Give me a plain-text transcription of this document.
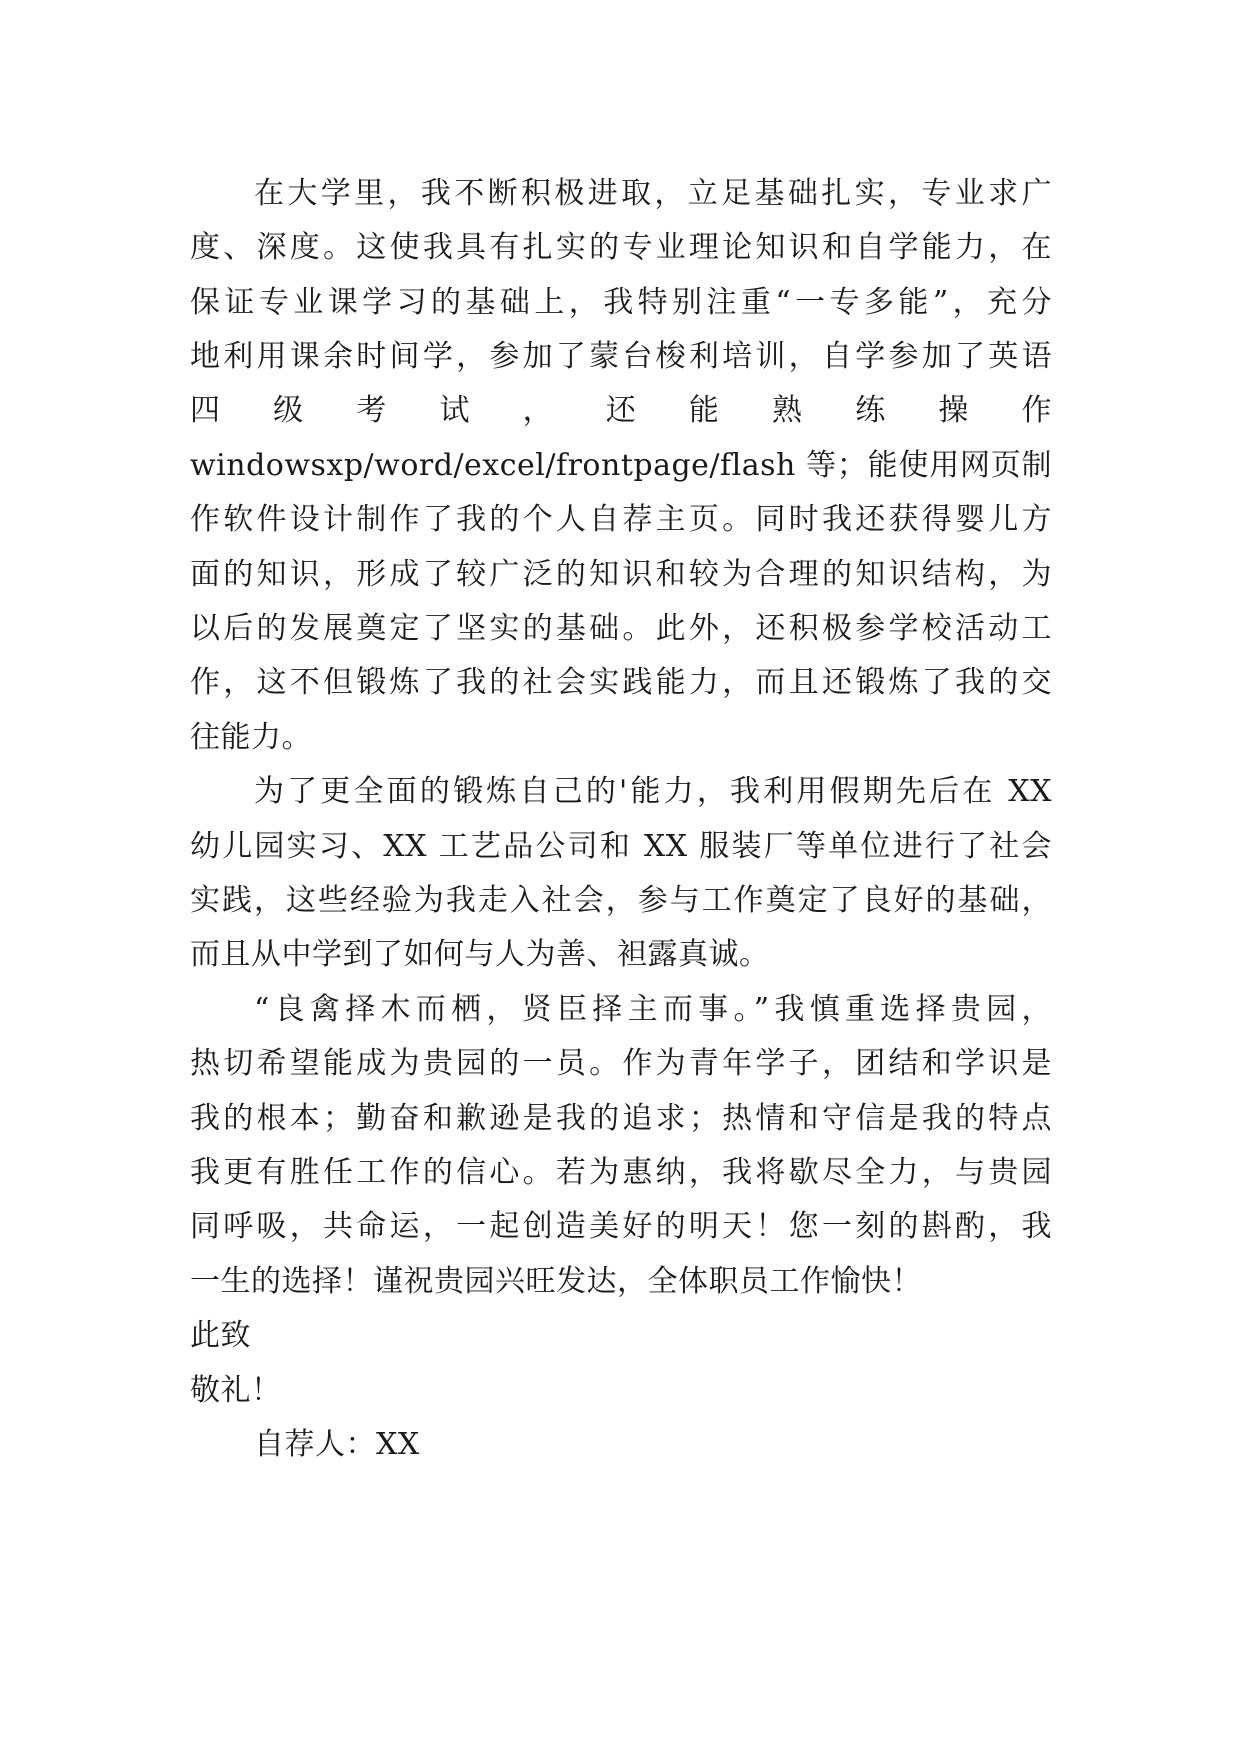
在大学里，我不断积极进取，立足基础扎实，专业求广
度、深度。这使我具有扎实的专业理论知识和自学能力，在
保证专业课学习的基础上，我特别注重“一专多能”，充分
地利用课余时间学，参加了蒙台梭利培训，自学参加了英语
四 级 考 试 ， 还 能 熟 练 操 作
windowsxp/word/excel/frontpage/flash 等；能使用网页制
作软件设计制作了我的个人自荐主页。同时我还获得婴儿方
面的知识，形成了较广泛的知识和较为合理的知识结构，为
以后的发展奠定了坚实的基础。此外，还积极参学校活动工
作，这不但锻炼了我的社会实践能力，而且还锻炼了我的交
往能力。
为了更全面的锻炼自己的'能力，我利用假期先后在 XX
幼儿园实习、XX 工艺品公司和 XX 服装厂等单位进行了社会
实践，这些经验为我走入社会，参与工作奠定了良好的基础，
而且从中学到了如何与人为善、袒露真诚。
“良禽择木而栖，贤臣择主而事。”我慎重选择贵园，
热切希望能成为贵园的一员。作为青年学子，团结和学识是
我的根本；勤奋和歉逊是我的追求；热情和守信是我的特点
我更有胜任工作的信心。若为惠纳，我将歇尽全力，与贵园
同呼吸，共命运，一起创造美好的明天！您一刻的斟酌，我
一生的选择！谨祝贵园兴旺发达，全体职员工作愉快！
此致
敬礼！
自荐人：XX
